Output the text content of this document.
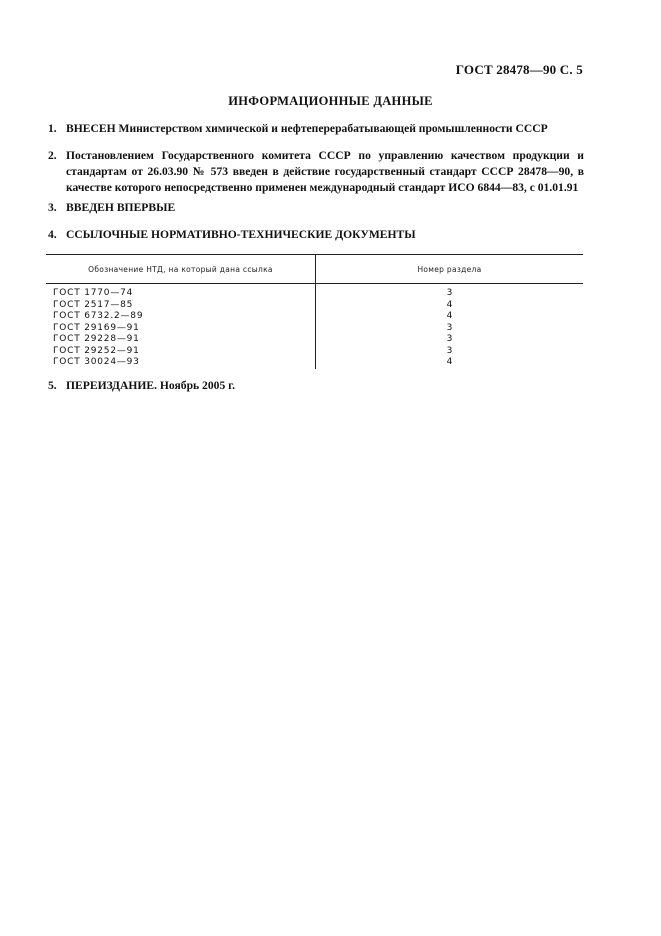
ГОСТ 28478—90 С. 5
ИНФОРМАЦИОННЫЕ ДАННЫЕ
1. ВНЕСЕН Министерством химической и нефтеперерабатывающей промышленности СССР
2. Постановлением Государственного комитета СССР по управлению качеством продукции и стандартам от 26.03.90 № 573 введен в действие государственный стандарт СССР 28478—90, в качестве которого непосредственно применен международный стандарт ИСО 6844—83, с 01.01.91
3. ВВЕДЕН ВПЕРВЫЕ
4. ССЫЛОЧНЫЕ НОРМАТИВНО-ТЕХНИЧЕСКИЕ ДОКУМЕНТЫ
Обозначение НТД, на который дана ссылка	Номер раздела
ГОСТ 1770—74	3
ГОСТ 2517—85	4
ГОСТ 6732.2—89	4
ГОСТ 29169—91	3
ГОСТ 29228—91	3
ГОСТ 29252—91	3
ГОСТ 30024—93	4
5. ПЕРЕИЗДАНИЕ. Ноябрь 2005 г.
